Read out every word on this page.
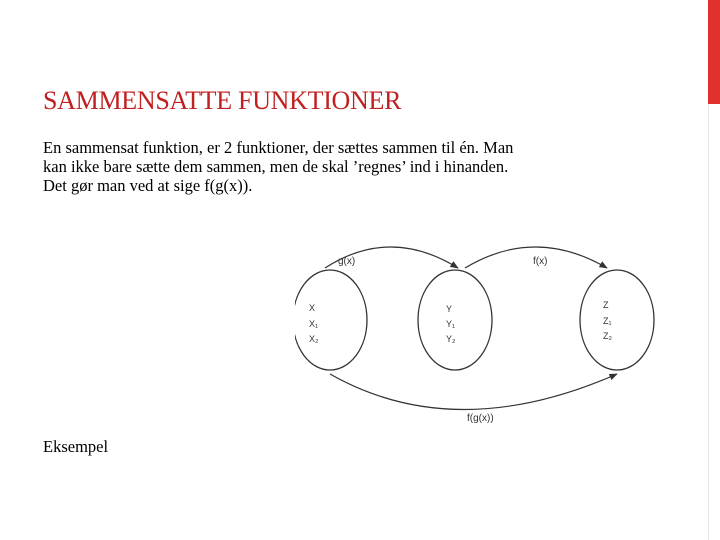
SAMMENSATTE FUNKTIONER

En sammensat funktion, er 2 funktioner, der sættes sammen til én. Man

kan ikke bare sætte dem sammen, men de skal ’regnes’ ind i hinanden.

Det gør man ved at sige f(g(x)).

g(x)	f(x)
f(g(x))
X
X₁
X₂
Y
Y₁
Y₂
Z
Z₁
Z₂
Eksempel
